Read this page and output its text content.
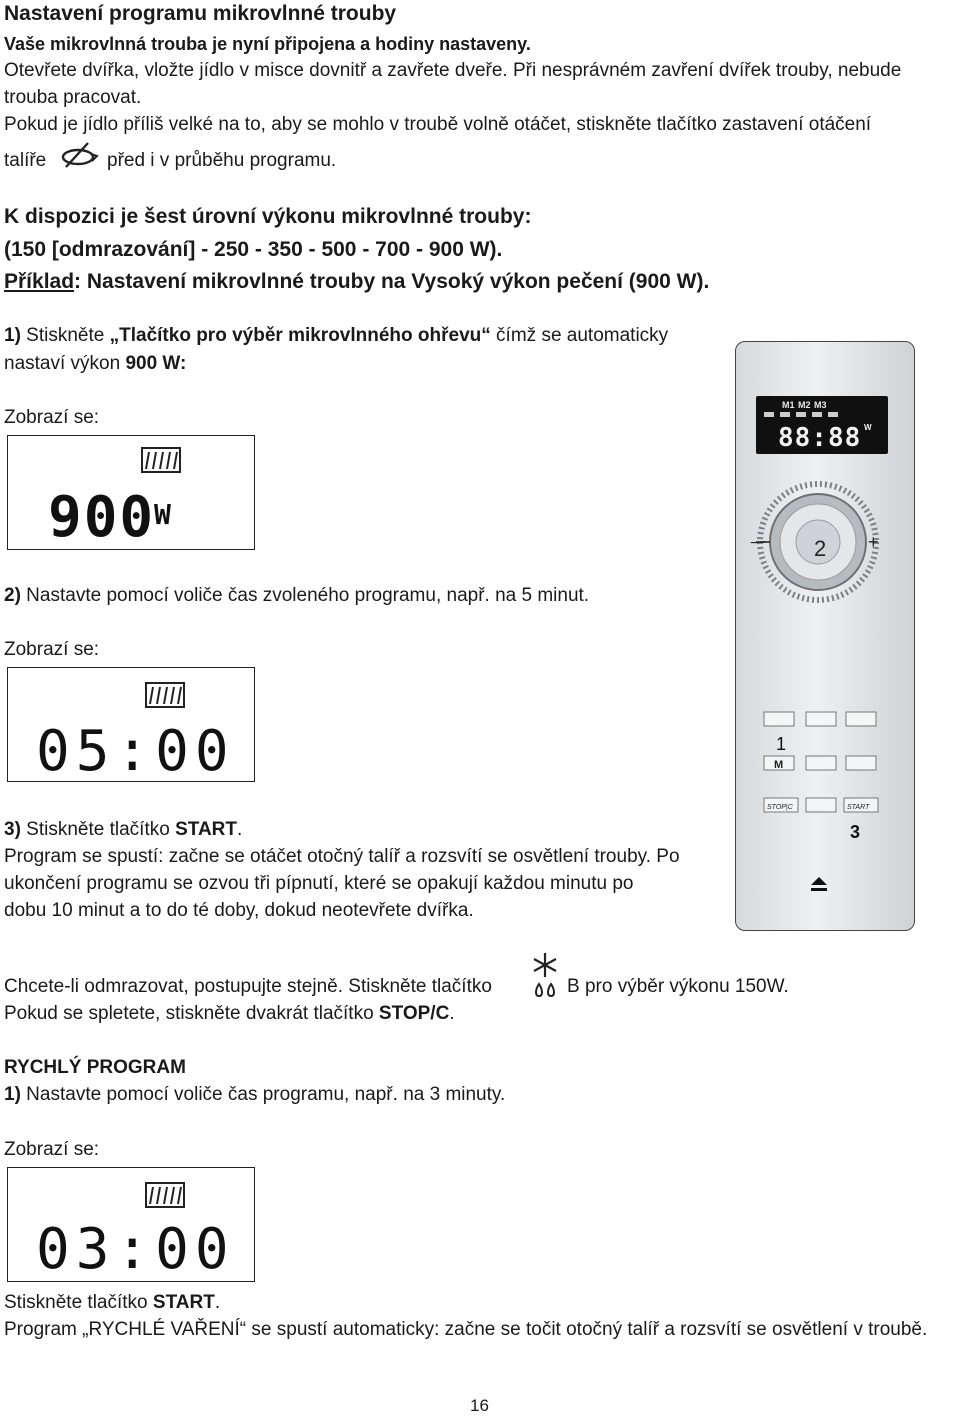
Nastavení programu mikrovlnné trouby
Vaše mikrovlnná trouba je nyní připojena a hodiny nastaveny.
Otevřete dvířka, vložte jídlo v misce dovnitř a zavřete dveře. Při nesprávném zavření dvířek trouby, nebude
trouba pracovat.
Pokud je jídlo příliš velké na to, aby se mohlo v troubě volně otáčet, stiskněte tlačítko zastavení otáčení
talíře	před i v průběhu programu.
K dispozici je šest úrovní výkonu mikrovlnné trouby:
(150 [odmrazování] - 250 - 350 - 500 - 700 - 900 W).
Příklad: Nastavení mikrovlnné trouby na Vysoký výkon pečení (900 W).
1) Stiskněte „Tlačítko pro výběr mikrovlnného ohřevu“ čímž se automaticky
nastaví výkon 900 W:
Zobrazí se:
900
W
2) Nastavte pomocí voliče čas zvoleného programu, např. na 5 minut.
Zobrazí se:
05:00
3) Stiskněte tlačítko START.
Program se spustí: začne se otáčet otočný talíř a rozsvítí se osvětlení trouby. Po
ukončení programu se ozvou tři pípnutí, které se opakují každou minutu po
dobu 10 minut a to do té doby, dokud neotevřete dvířka.
Chcete-li odmrazovat, postupujte stejně. Stiskněte tlačítko	B pro výběr výkonu 150W.
Pokud se spletete, stiskněte dvakrát tlačítko STOP/C.
RYCHLÝ PROGRAM
1) Nastavte pomocí voliče čas programu, např. na 3 minuty.
Zobrazí se:
03:00
Stiskněte tlačítko START.
Program „RYCHLÉ VAŘENÍ“ se spustí automaticky: začne se točit otočný talíř a rozsvítí se osvětlení v troubě.
M1 M2 M3
88:88 W
2
−	+
1
M
STOP|C	START
3
16
